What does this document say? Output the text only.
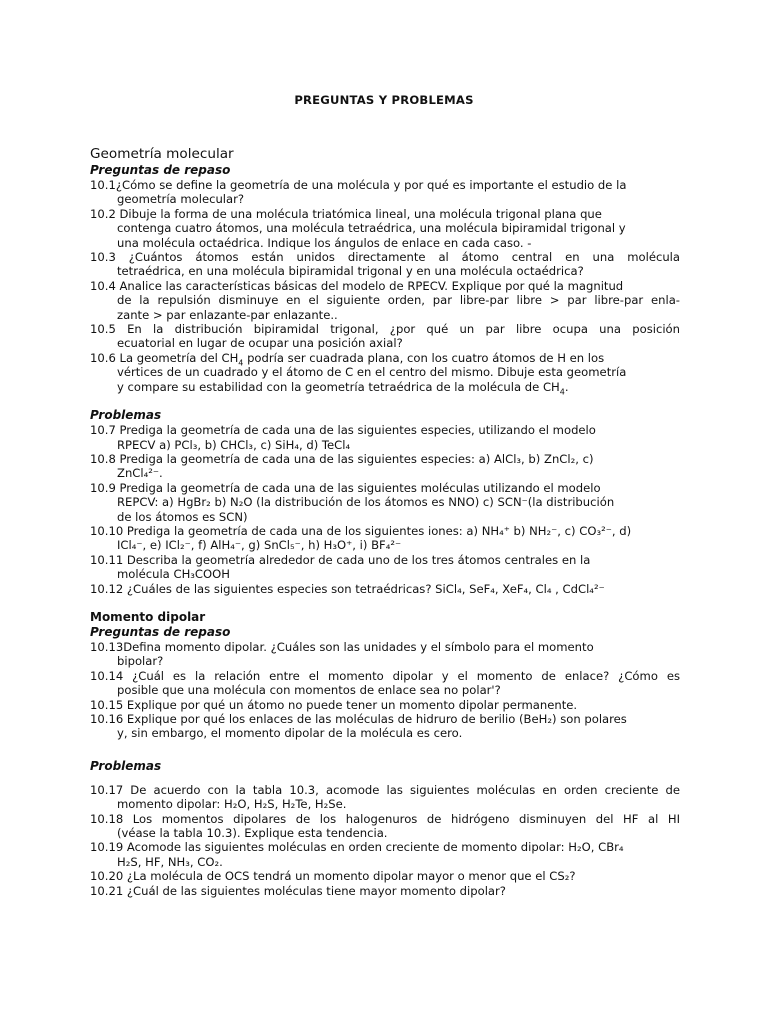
PREGUNTAS Y PROBLEMAS
Geometría molecular
Preguntas de repaso
10.1¿Cómo se define la geometría de una molécula y por qué es importante el estudio de la
geometría molecular?
10.2 Dibuje la forma de una molécula triatómica lineal, una molécula trigonal plana que
contenga cuatro átomos, una molécula tetraédrica, una molécula bipiramidal trigonal y
una molécula octaédrica. Indique los ángulos de enlace en cada caso. -
10.3 ¿Cuántos átomos están unidos directamente al átomo central en una molécula
tetraédrica, en una molécula bipiramidal trigonal y en una molécula octaédrica?
10.4 Analice las características básicas del modelo de RPECV. Explique por qué la magnitud
de la repulsión disminuye en el siguiente orden, par libre-par libre > par libre-par enla-
zante > par enlazante-par enlazante..
10.5 En la distribución bipiramidal trigonal, ¿por qué un par libre ocupa una posición
ecuatorial en lugar de ocupar una posición axial?
10.6 La geometría del $CH_4$ podría ser cuadrada plana, con los cuatro átomos de H en los
vértices de un cuadrado y el átomo de C en el centro del mismo. Dibuje esta geometría
y compare su estabilidad con la geometría tetraédrica de la molécula de $CH_4$.
Problemas
10.7 Prediga la geometría de cada una de las siguientes especies, utilizando el modelo
RPECV a) PCl₃, b) CHCl₃, c) SiH₄, d) TeCl₄
10.8 Prediga la geometría de cada una de las siguientes especies: a) AlCl₃, b) ZnCl₂, c)
ZnCl₄²⁻.
10.9 Prediga la geometría de cada una de las siguientes moléculas utilizando el modelo
REPCV: a) HgBr₂ b) N₂O (la distribución de los átomos es NNO) c) SCN⁻(la distribución
de los átomos es SCN)
10.10 Prediga la geometría de cada una de los siguientes iones: a) NH₄⁺ b) NH₂⁻, c) CO₃²⁻, d)
ICl₄⁻, e) ICl₂⁻, f) AlH₄⁻, g) SnCl₅⁻, h) H₃O⁺, i) BF₄²⁻
10.11 Describa la geometría alrededor de cada uno de los tres átomos centrales en la
molécula CH₃COOH
10.12 ¿Cuáles de las siguientes especies son tetraédricas? SiCl₄, SeF₄, XeF₄, Cl₄ , CdCl₄²⁻
Momento dipolar
Preguntas de repaso
10.13Defina momento dipolar. ¿Cuáles son las unidades y el símbolo para el momento
bipolar?
10.14 ¿Cuál es la relación entre el momento dipolar y el momento de enlace? ¿Cómo es
posible que una molécula con momentos de enlace sea no polar'?
10.15 Explique por qué un átomo no puede tener un momento dipolar permanente.
10.16 Explique por qué los enlaces de las moléculas de hidruro de berilio (BeH₂) son polares
y, sin embargo, el momento dipolar de la molécula es cero.
Problemas
10.17 De acuerdo con la tabla 10.3, acomode las siguientes moléculas en orden creciente de
momento dipolar: H₂O, H₂S, H₂Te, H₂Se.
10.18 Los momentos dipolares de los halogenuros de hidrógeno disminuyen del HF al HI
(véase la tabla 10.3). Explique esta tendencia.
10.19 Acomode las siguientes moléculas en orden creciente de momento dipolar: H₂O, CBr₄
H₂S, HF, NH₃, CO₂.
10.20 ¿La molécula de OCS tendrá un momento dipolar mayor o menor que el CS₂?
10.21 ¿Cuál de las siguientes moléculas tiene mayor momento dipolar?
